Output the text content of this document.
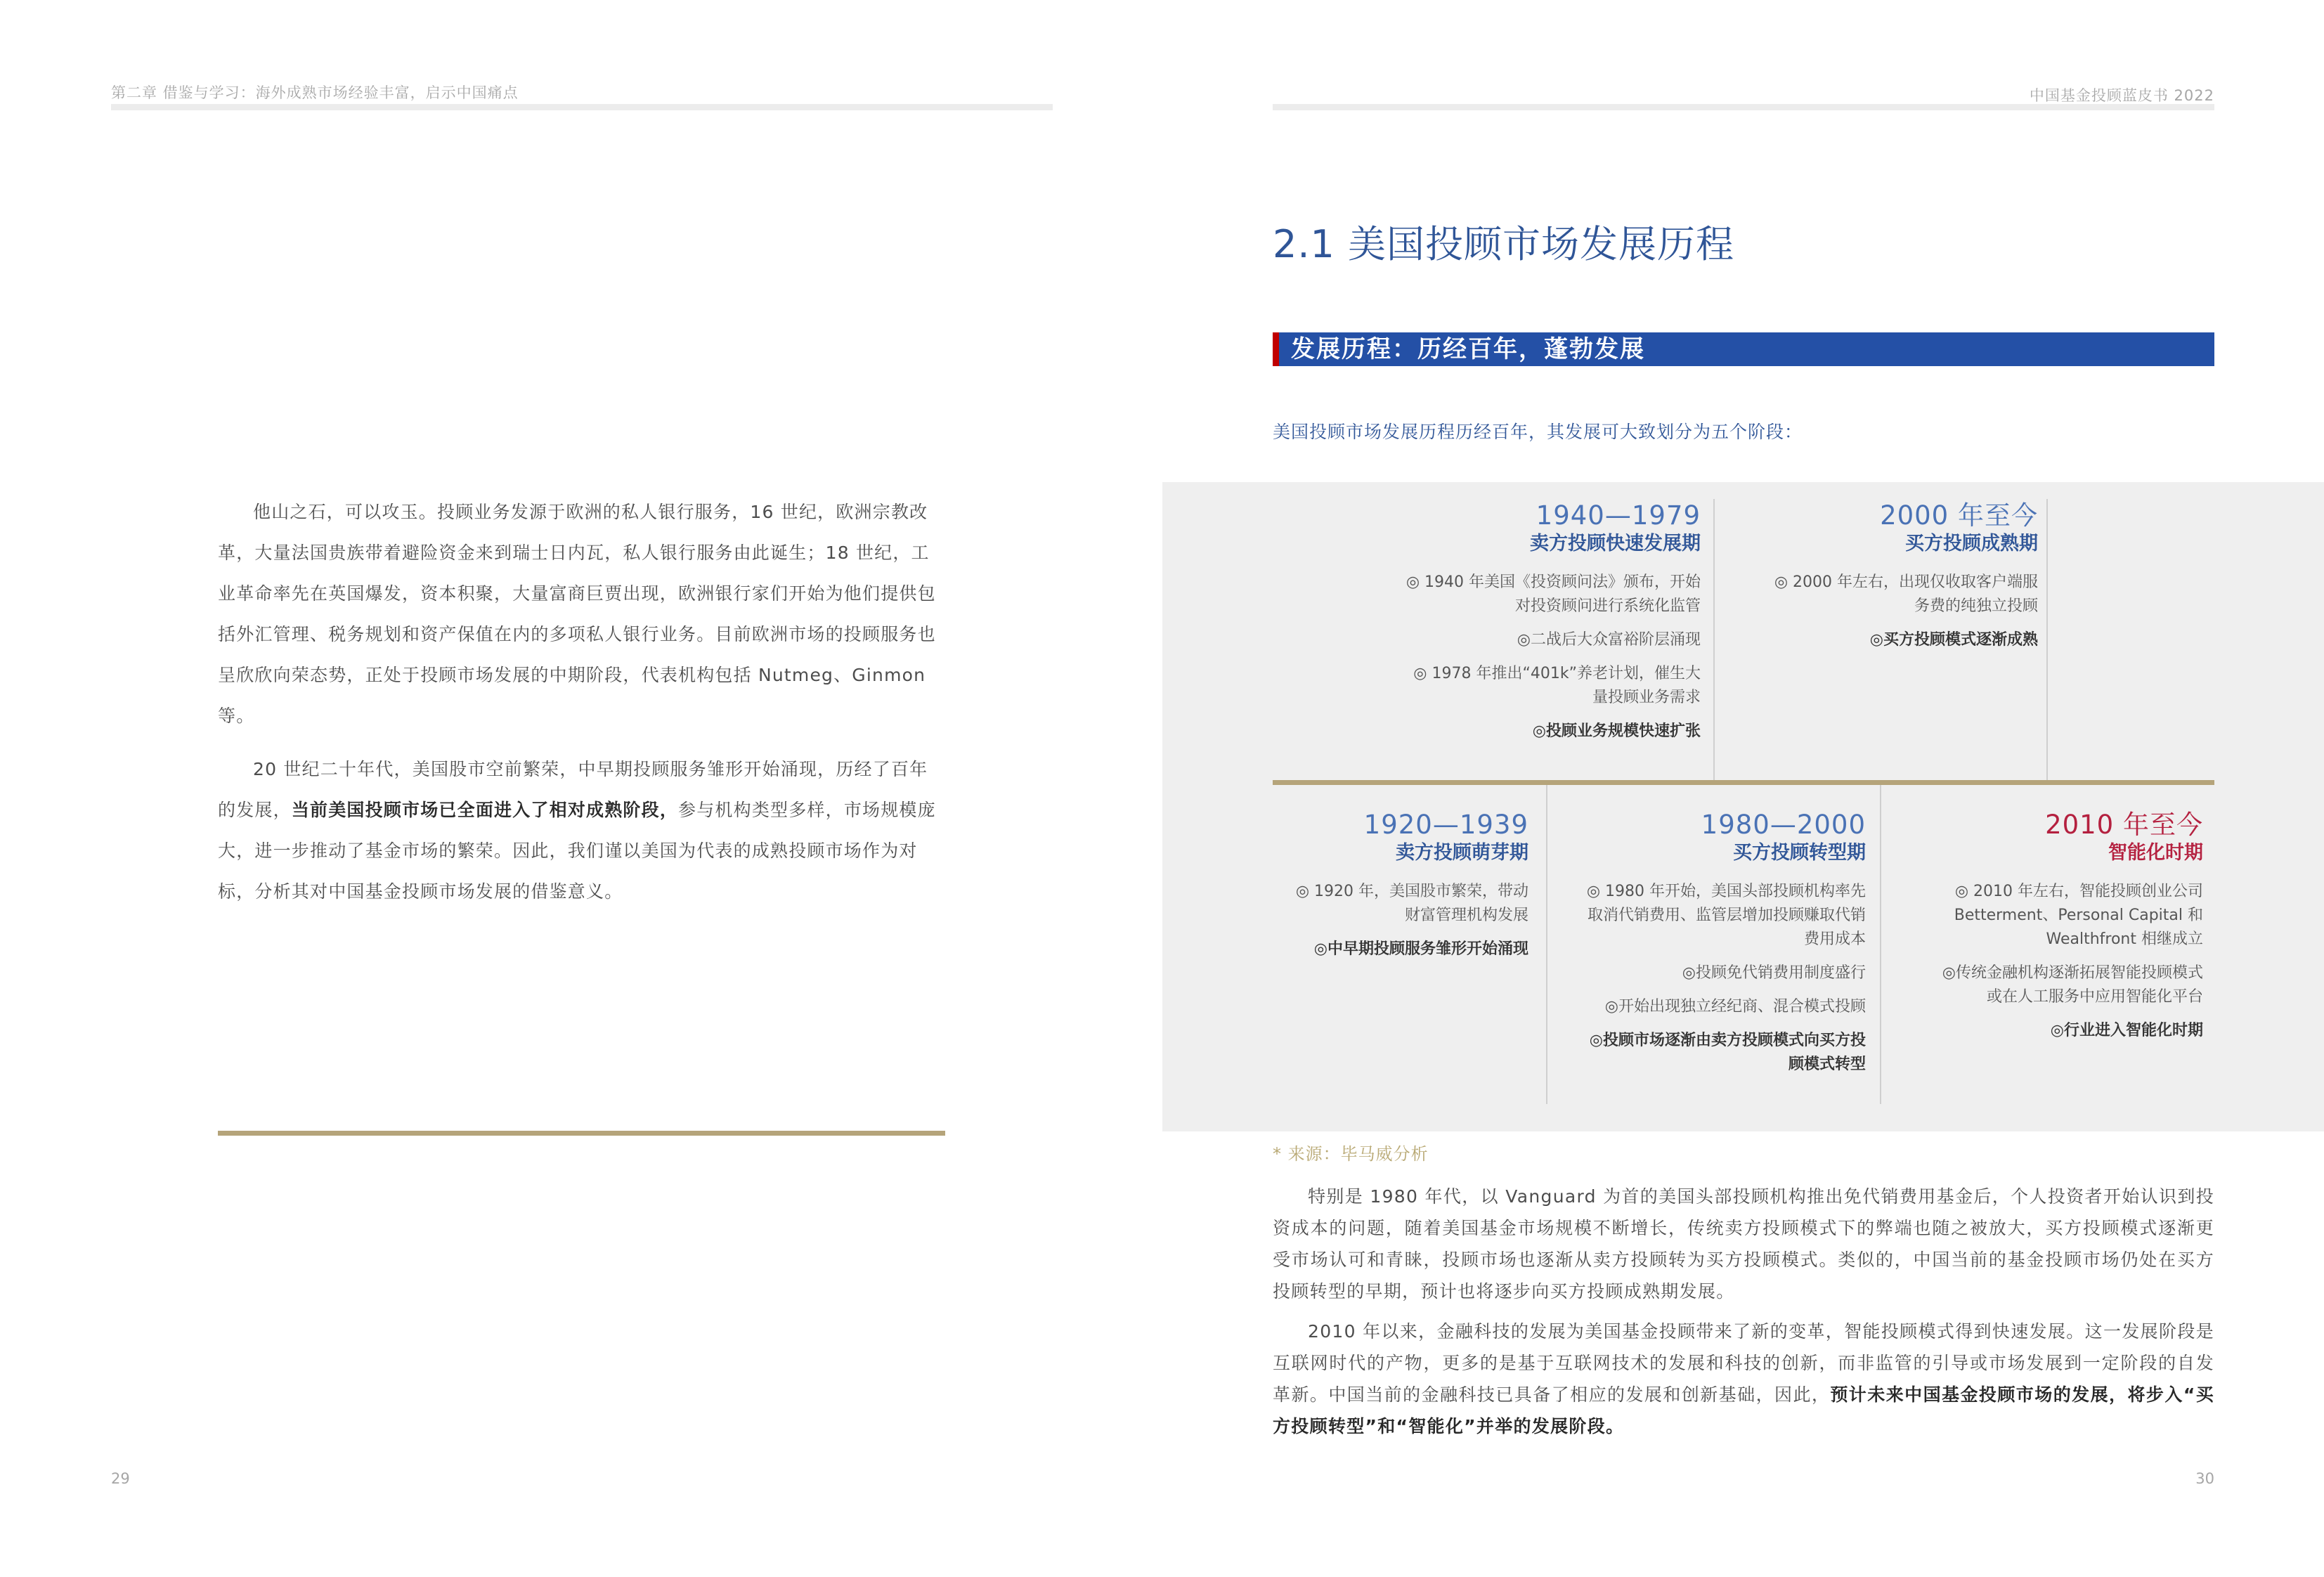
第二章 借鉴与学习：海外成熟市场经验丰富，启示中国痛点

他山之石，可以攻玉。投顾业务发源于欧洲的私人银行服务，16 世纪，欧洲宗教改革，大量法国贵族带着避险资金来到瑞士日内瓦，私人银行服务由此诞生；18 世纪，工业革命率先在英国爆发，资本积聚，大量富商巨贾出现，欧洲银行家们开始为他们提供包括外汇管理、税务规划和资产保值在内的多项私人银行业务。目前欧洲市场的投顾服务也呈欣欣向荣态势，正处于投顾市场发展的中期阶段，代表机构包括 Nutmeg、Ginmon 等。

20 世纪二十年代，美国股市空前繁荣，中早期投顾服务雏形开始涌现，历经了百年的发展，当前美国投顾市场已全面进入了相对成熟阶段，参与机构类型多样，市场规模庞大，进一步推动了基金市场的繁荣。因此，我们谨以美国为代表的成熟投顾市场作为对标，分析其对中国基金投顾市场发展的借鉴意义。

29
中国基金投顾蓝皮书 2022
2.1 美国投顾市场发展历程
发展历程：历经百年，蓬勃发展
美国投顾市场发展历程历经百年，其发展可大致划分为五个阶段：
1940—1979
卖方投顾快速发展期

◎ 1940 年美国《投资顾问法》颁布，开始对投资顾问进行系统化监管

◎二战后大众富裕阶层涌现

◎ 1978 年推出“401k”养老计划，催生大量投顾业务需求

◎投顾业务规模快速扩张

2000 年至今
买方投顾成熟期

◎ 2000 年左右，出现仅收取客户端服务费的纯独立投顾

◎买方投顾模式逐渐成熟

1920—1939
卖方投顾萌芽期

◎ 1920 年，美国股市繁荣，带动财富管理机构发展

◎中早期投顾服务雏形开始涌现

1980—2000
买方投顾转型期

◎ 1980 年开始，美国头部投顾机构率先取消代销费用、监管层增加投顾赚取代销费用成本

◎投顾免代销费用制度盛行

◎开始出现独立经纪商、混合模式投顾

◎投顾市场逐渐由卖方投顾模式向买方投顾模式转型

2010 年至今
智能化时期

◎ 2010 年左右，智能投顾创业公司 Betterment、Personal Capital 和 Wealthfront 相继成立

◎传统金融机构逐渐拓展智能投顾模式或在人工服务中应用智能化平台

◎行业进入智能化时期

* 来源：毕马威分析

特别是 1980 年代，以 Vanguard 为首的美国头部投顾机构推出免代销费用基金后，个人投资者开始认识到投资成本的问题，随着美国基金市场规模不断增长，传统卖方投顾模式下的弊端也随之被放大，买方投顾模式逐渐更受市场认可和青睐，投顾市场也逐渐从卖方投顾转为买方投顾模式。类似的，中国当前的基金投顾市场仍处在买方投顾转型的早期，预计也将逐步向买方投顾成熟期发展。

2010 年以来，金融科技的发展为美国基金投顾带来了新的变革，智能投顾模式得到快速发展。这一发展阶段是互联网时代的产物，更多的是基于互联网技术的发展和科技的创新，而非监管的引导或市场发展到一定阶段的自发革新。中国当前的金融科技已具备了相应的发展和创新基础，因此，预计未来中国基金投顾市场的发展，将步入“买方投顾转型”和“智能化”并举的发展阶段。

30
